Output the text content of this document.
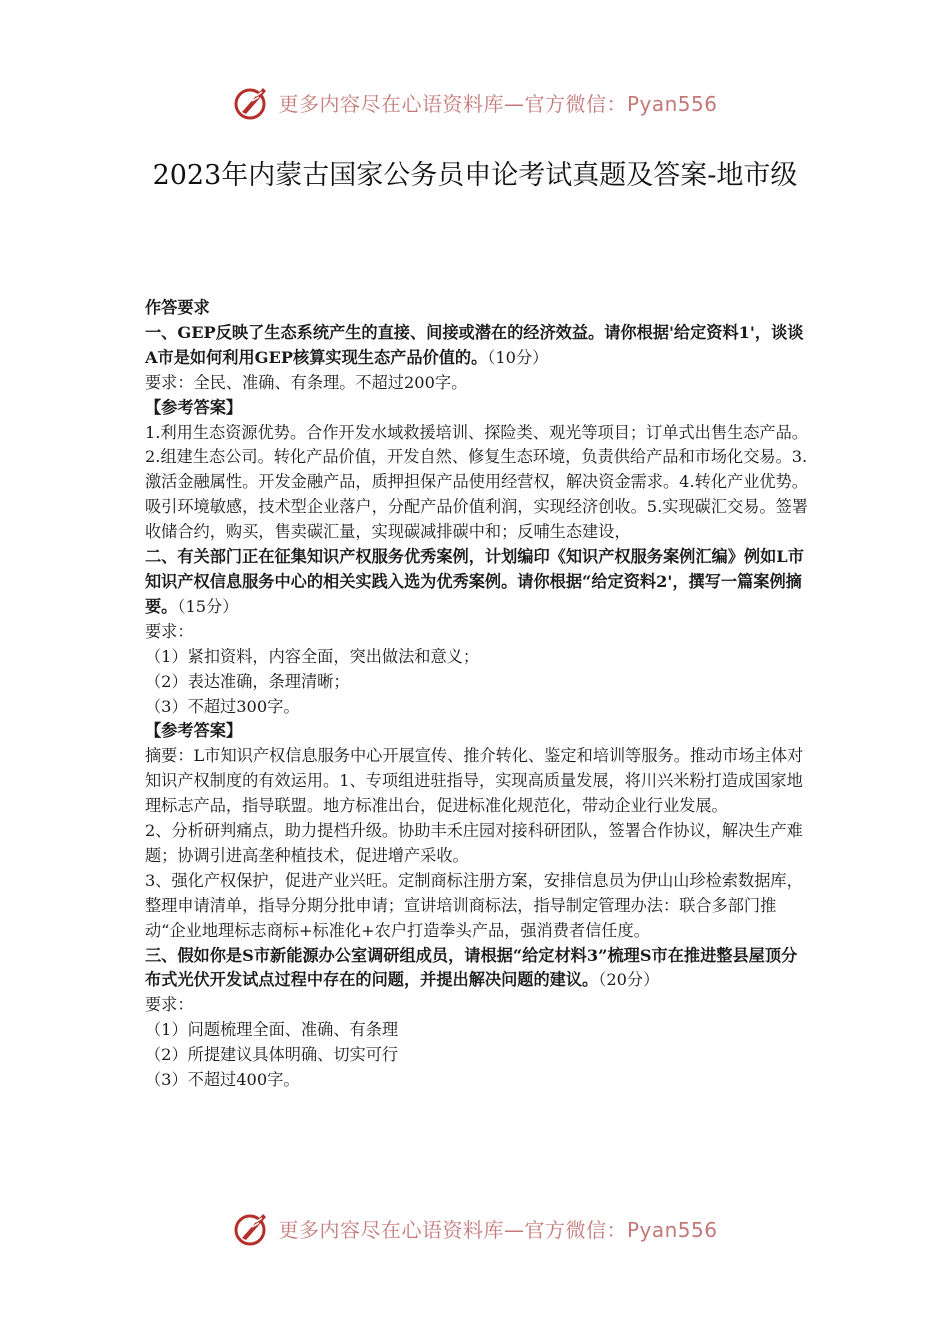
更多内容尽在心语资料库—官方微信：Pyan556
2023年内蒙古国家公务员申论考试真题及答案-地市级

作答要求

一、GEP反映了生态系统产生的直接、间接或潜在的经济效益。请你根据'给定资料1'，谈谈A市是如何利用GEP核算实现生态产品价值的。（10分）

要求：全民、准确、有条理。不超过200字。

【参考答案】

1.利用生态资源优势。合作开发水域救援培训、探险类、观光等项目；订单式出售生态产品。2.组建生态公司。转化产品价值，开发自然、修复生态环境，负责供给产品和市场化交易。3.激活金融属性。开发金融产品，质押担保产品使用经营权，解决资金需求。4.转化产业优势。吸引环境敏感，技术型企业落户，分配产品价值利润，实现经济创收。5.实现碳汇交易。签署收储合约，购买，售卖碳汇量，实现碳减排碳中和；反哺生态建设，

二、有关部门正在征集知识产权服务优秀案例，计划编印《知识产权服务案例汇编》例如L市知识产权信息服务中心的相关实践入选为优秀案例。请你根据“给定资料2'，撰写一篇案例摘要。（15分）

要求：

（1）紧扣资料，内容全面，突出做法和意义；

（2）表达准确，条理清晰；

（3）不超过300字。

【参考答案】

摘要：L市知识产权信息服务中心开展宣传、推介转化、鉴定和培训等服务。推动市场主体对知识产权制度的有效运用。1、专项组进驻指导，实现高质量发展，将川兴米粉打造成国家地理标志产品，指导联盟。地方标准出台，促进标准化规范化，带动企业行业发展。

2、分析研判痛点，助力提档升级。协助丰禾庄园对接科研团队，签署合作协议，解决生产难题；协调引进高垄种植技术，促进增产采收。

3、强化产权保护，促进产业兴旺。定制商标注册方案，安排信息员为伊山山珍检索数据库，整理申请清单，指导分期分批申请；宣讲培训商标法，指导制定管理办法：联合多部门推动“企业地理标志商标+标准化+农户打造拳头产品，强消费者信任度。

三、假如你是S市新能源办公室调研组成员，请根据“给定材料3”梳理S市在推进整县屋顶分布式光伏开发试点过程中存在的问题，并提出解决问题的建议。（20分）

要求：

（1）问题梳理全面、准确、有条理

（2）所提建议具体明确、切实可行

（3）不超过400字。

更多内容尽在心语资料库—官方微信：Pyan556
